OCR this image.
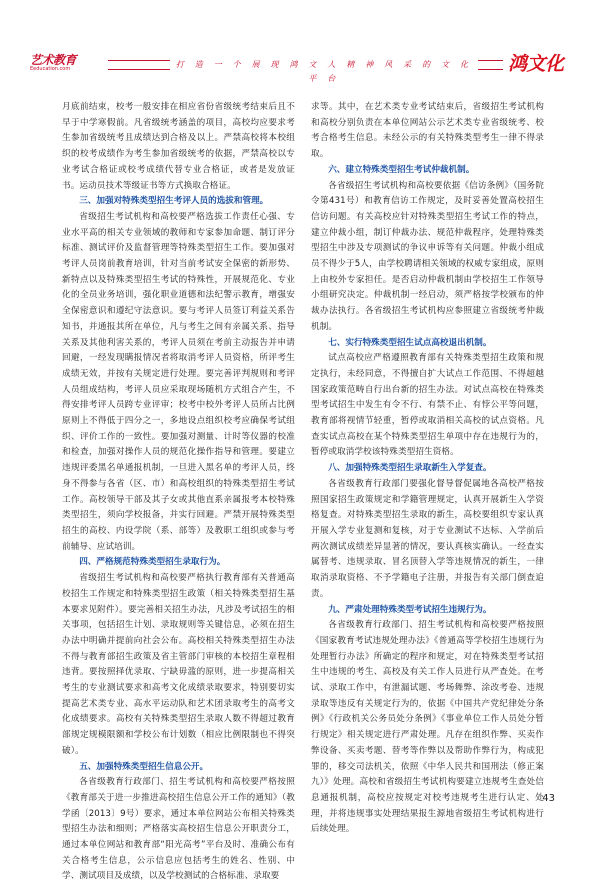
艺术教育
Eeducation.com	打 造 一 个 展 现 鸿 文 人 精 神 风 采 的 文 化 平 台
鸿文化

月底前结束，校考一般安排在相应省份省级统考结束后且不早于中学寒假前。凡省级统考涵盖的项目，高校均应要求考生参加省级统考且成绩达到合格及以上。严禁高校将本校组织的校考成绩作为考生参加省级统考的依据，严禁高校以专业考试合格证或校考成绩代替专业合格证，或者是发放证书。运动员技术等级证书等方式换取合格证。

三、加强对特殊类型招生考评人员的选拔和管理。

省级招生考试机构和高校要严格选拔工作责任心强、专业水平高的相关专业领域的教师和专家参加命题、制订评分标准、测试评价及监督管理等特殊类型招生工作。要加强对考评人员岗前教育培训，针对当前考试安全保密的新形势、新特点以及特殊类型招生考试的特殊性，开展规范化、专业化的全员业务培训，强化职业道德和法纪警示教育，增强安全保密意识和遵纪守法意识。要与考评人员签订利益关系告知书，并通报其所在单位，凡与考生之间有亲属关系、指导关系及其他利害关系的，考评人员须在考前主动报告并申请回避，一经发现瞒报情况者将取消考评人员资格，所评考生成绩无效，并按有关规定进行处理。要完善评判规则和考评人员组成结构，考评人员应采取现场随机方式组合产生，不得安排考评人员跨专业评审；校考中校外考评人员所占比例原则上不得低于四分之一，多地设点组织校考应确保考试组织、评价工作的一致性。要加强对测量、计时等仪器的校准和检查，加强对操作人员的规范化操作指导和管理。要建立违规评委黑名单通报机制，一旦进入黑名单的考评人员，终身不得参与各省（区、市）和高校组织的特殊类型招生考试工作。高校领导干部及其子女或其他直系亲属报考本校特殊类型招生，须向学校报备，并实行回避。严禁开展特殊类型招生的高校、内设学院（系、部等）及教职工组织或参与考前辅导、应试培训。

四、严格规范特殊类型招生录取行为。

省级招生考试机构和高校要严格执行教育部有关普通高校招生工作规定和特殊类型招生政策（相关特殊类型招生基本要求见附件）。要完善相关招生办法，凡涉及考试招生的相关事项，包括招生计划、录取规则等关键信息，必须在招生办法中明确并提前向社会公布。高校相关特殊类型招生办法不得与教育部招生政策及省主管部门审核的本校招生章程相违背。要按照择优录取、宁缺毋滥的原则，进一步提高相关考生的专业测试要求和高考文化成绩录取要求，特别要切实提高艺术类专业、高水平运动队和艺术团录取考生的高考文化成绩要求。高校有关特殊类型招生录取人数不得超过教育部规定规模限额和学校公布计划数（相应比例限制也不得突破）。

五、加强特殊类型招生信息公开。

各省级教育行政部门、招生考试机构和高校要严格按照《教育部关于进一步推进高校招生信息公开工作的通知》（教学函〔2013〕9号）要求，通过本单位网站公布相关特殊类型招生办法和细则；严格落实高校招生信息公开职责分工，通过本单位网站和教育部“阳光高考”平台及时、准确公布有关合格考生信息，公示信息应包括考生的姓名、性别、中学、测试项目及成绩，以及学校测试的合格标准、录取要

求等。其中，在艺术类专业考试结束后，省级招生考试机构和高校分别负责在本单位网站公示艺术类专业省级统考、校考合格考生信息。未经公示的有关特殊类型考生一律不得录取。

六、建立特殊类型招生考试仲裁机制。

各省级招生考试机构和高校要依据《信访条例》（国务院令第431号）和教育信访工作规定，及时妥善处置高校招生信访问题。有关高校应针对特殊类型招生考试工作的特点，建立仲裁小组，制订仲裁办法、规范仲裁程序，处理特殊类型招生中涉及专项测试的争议申诉等有关问题。仲裁小组成员不得少于5人，由学校聘请相关领域的权威专家组成，原则上由校外专家担任。是否启动仲裁机制由学校招生工作领导小组研究决定。仲裁机制一经启动，须严格按学校颁布的仲裁办法执行。各省级招生考试机构应参照建立省级统考仲裁机制。

七、实行特殊类型招生试点高校退出机制。

试点高校应严格遵照教育部有关特殊类型招生政策和规定执行，未经同意，不得擅自扩大试点工作范围、不得超越国家政策范畴自行出台新的招生办法。对试点高校在特殊类型考试招生中发生有令不行、有禁不止、有悖公平等问题，教育部将视情节轻重，暂停或取消相关高校的试点资格。凡查实试点高校在某个特殊类型招生单项中存在违规行为的，暂停或取消学校该特殊类型招生资格。

八、加强特殊类型招生录取新生入学复查。

各省级教育行政部门要强化督导督促属地各高校严格按照国家招生政策规定和学籍管理规定，认真开展新生入学资格复查。对特殊类型招生录取的新生，高校要组织专家认真开展入学专业复测和复核，对于专业测试不达标、入学前后两次测试成绩差异显著的情况，要认真核实确认。一经查实属替考、违规录取、冒名顶替入学等违规情况的新生，一律取消录取资格、不予学籍电子注册，并报告有关部门倒查追责。

九、严肃处理特殊类型考试招生违规行为。

各省级教育行政部门、招生考试机构和高校要严格按照《国家教育考试违规处理办法》《普通高等学校招生违规行为处理暂行办法》所确定的程序和规定，对在特殊类型考试招生中违规的考生、高校及有关工作人员进行从严查处。在考试、录取工作中，有泄漏试题、考场舞弊、涂改考卷、违规录取等违反有关规定行为的，依据《中国共产党纪律处分条例》《行政机关公务员处分条例》《事业单位工作人员处分暂行规定》相关规定进行严肃处理。凡存在组织作弊、买卖作弊设备、买卖考题、替考等作弊以及帮助作弊行为，构成犯罪的，移交司法机关，依照《中华人民共和国刑法（修正案九）》处理。高校和省级招生考试机构要建立违规考生查处信息通报机制，高校应按规定对校考违规考生进行认定、处理，并将违规事实处理结果报生源地省级招生考试机构进行后续处理。

43
